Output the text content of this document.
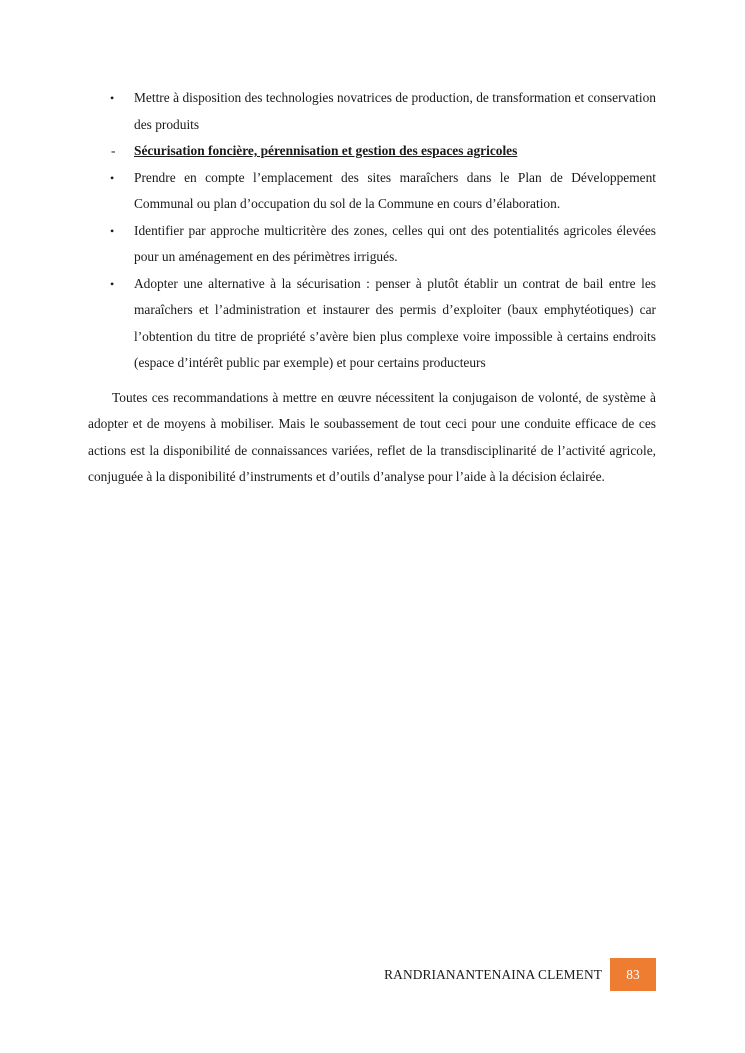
• Mettre à disposition des technologies novatrices de production, de transformation et conservation des produits
- Sécurisation foncière, pérennisation et gestion des espaces agricoles
• Prendre en compte l’emplacement des sites maraîchers dans le Plan de Développement Communal ou plan d’occupation du sol de la Commune en cours d’élaboration.
• Identifier par approche multicritère des zones, celles qui ont des potentialités agricoles élevées pour un aménagement en des périmètres irrigués.
• Adopter une alternative à la sécurisation : penser à plutôt établir un contrat de bail entre les maraîchers et l’administration et instaurer des permis d’exploiter (baux emphytéotiques) car l’obtention du titre de propriété s’avère bien plus complexe voire impossible à certains endroits (espace d’intérêt public par exemple) et pour certains producteurs

Toutes ces recommandations à mettre en œuvre nécessitent la conjugaison de volonté, de système à adopter et de moyens à mobiliser. Mais le soubassement de tout ceci pour une conduite efficace de ces actions est la disponibilité de connaissances variées, reflet de la transdisciplinarité de l’activité agricole, conjuguée à la disponibilité d’instruments et d’outils d’analyse pour l’aide à la décision éclairée.

RANDRIANANTENAINA CLEMENT	83
